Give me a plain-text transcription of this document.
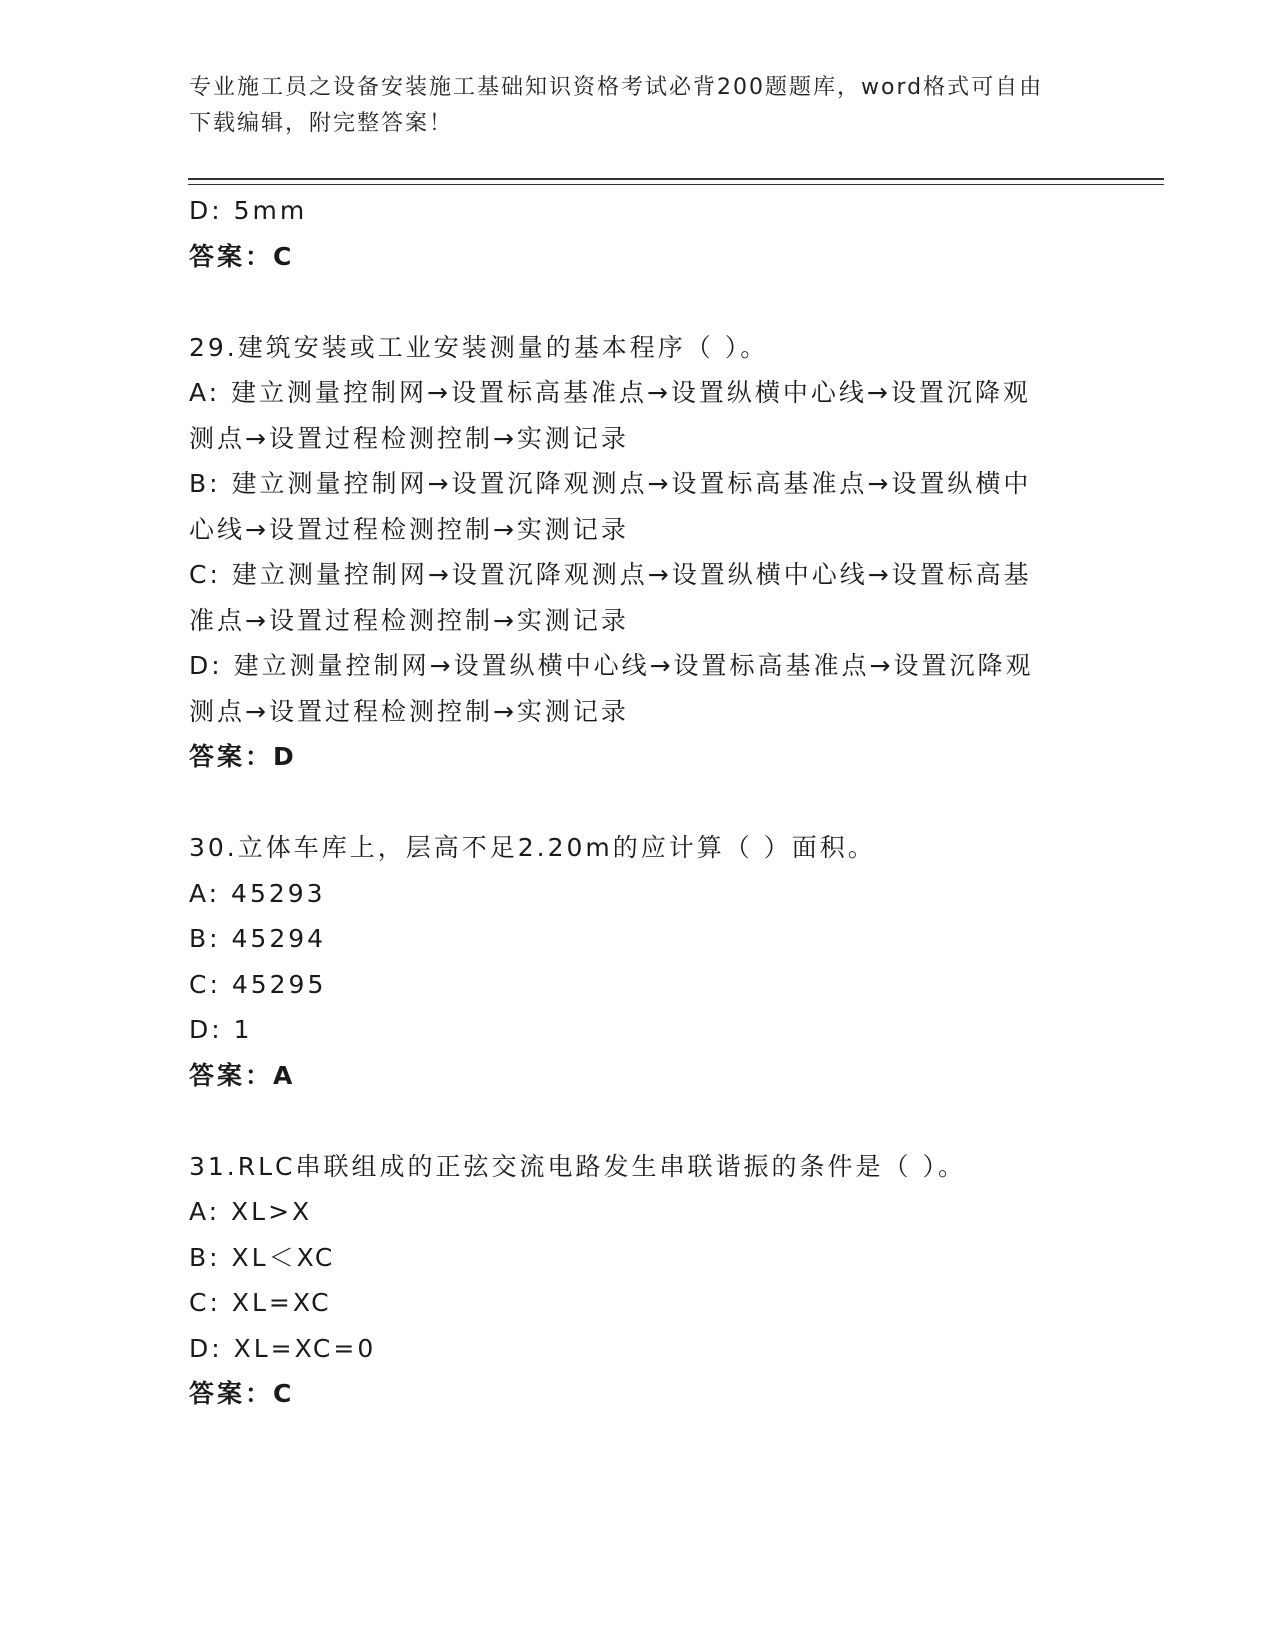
专业施工员之设备安装施工基础知识资格考试必背200题题库，word格式可自由
下载编辑，附完整答案！
D: 5mm
答案：C
29.建筑安装或工业安装测量的基本程序（ ）。
A: 建立测量控制网→设置标高基准点→设置纵横中心线→设置沉降观
测点→设置过程检测控制→实测记录
B: 建立测量控制网→设置沉降观测点→设置标高基准点→设置纵横中
心线→设置过程检测控制→实测记录
C: 建立测量控制网→设置沉降观测点→设置纵横中心线→设置标高基
准点→设置过程检测控制→实测记录
D: 建立测量控制网→设置纵横中心线→设置标高基准点→设置沉降观
测点→设置过程检测控制→实测记录
答案：D
30.立体车库上，层高不足2.20m的应计算（ ）面积。
A: 45293
B: 45294
C: 45295
D: 1
答案：A
31.RLC串联组成的正弦交流电路发生串联谐振的条件是（ ）。
A: XL>X
B: XL＜XC
C: XL=XC
D: XL=XC=0
答案：C
